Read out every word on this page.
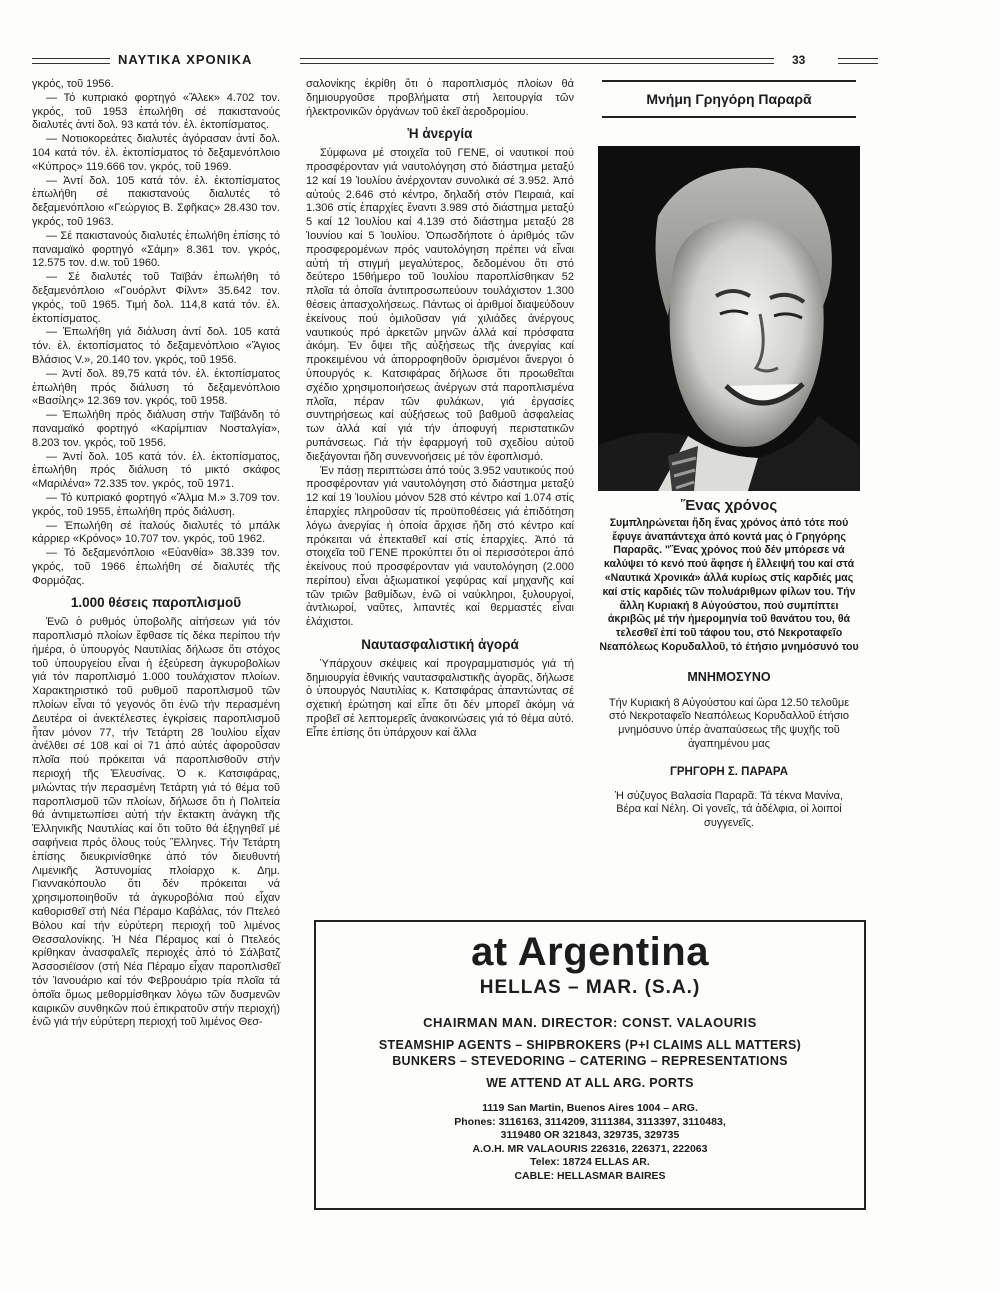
ΝΑΥΤΙΚΑ ΧΡΟΝΙΚΑ	33

γκρός, τοῦ 1956.

— Τό κυπριακό φορτηγό «Ἄλεκ» 4.702 τον. γκρός, τοῦ 1953 ἐπωλήθη σέ πακιστανούς διαλυτές ἀντί δολ. 93 κατά τόν. ἐλ. ἐκτοπίσματος.

— Νοτιοκορεάτες διαλυτές ἀγόρασαν ἀντί δολ. 104 κατά τόν. ἐλ. ἐκτοπίσματος τό δεξαμενόπλοιο «Κύπρος» 119.666 τον. γκρός, τοῦ 1969.

— Ἀντί δολ. 105 κατά τόν. ἐλ. ἐκτοπίσματος ἐπωλήθη σέ πακιστανούς διαλυτές τό δεξαμενόπλοιο «Γεώργιος Β. Σφῆκας» 28.430 τον. γκρός, τοῦ 1963.

— Σέ πακιστανούς διαλυτές ἐπωλήθη ἐπίσης τό παναμαϊκό φορτηγό «Σάμη» 8.361 τον. γκρός, 12.575 τον. d.w. τοῦ 1960.

— Σέ διαλυτές τοῦ Ταϊβάν ἐπωλήθη τό δεξαμενόπλοιο «Γουόρλντ Φίλντ» 35.642 τον. γκρός, τοῦ 1965. Τιμή δολ. 114,8 κατά τόν. ἐλ. ἐκτοπίσματος.

— Ἐπωλήθη γιά διάλυση ἀντί δολ. 105 κατά τόν. ἐλ. ἐκτοπίσματος τό δεξαμενόπλοιο «Ἅγιος Βλάσιος V.», 20.140 τον. γκρός, τοῦ 1956.

— Ἀντί δολ. 89,75 κατά τόν. ἐλ. ἐκτοπίσματος ἐπωλήθη πρός διάλυση τό δεξαμενόπλοιο «Βασίλης» 12.369 τον. γκρός, τοῦ 1958.

— Ἐπωλήθη πρός διάλυση στήν Ταϊβάνδη τό παναμαϊκό φορτηγό «Καρίμπιαν Νοσταλγία», 8.203 τον. γκρός, τοῦ 1956.

— Ἀντί δολ. 105 κατά τόν. ἐλ. ἐκτοπίσματος, ἐπωλήθη πρός διάλυση τό μικτό σκάφος «Μαριλένα» 72.335 τον. γκρός, τοῦ 1971.

— Τό κυπριακό φορτηγό «Ἄλμα Μ.» 3.709 τον. γκρός, τοῦ 1955, ἐπωλήθη πρός διάλυση.

— Ἐπωλήθη σέ ἰταλούς διαλυτές τό μπάλκ κάρριερ «Κρόνος» 10.707 τον. γκρός, τοῦ 1962.

— Τό δεξαμενόπλοιο «Εὐανθία» 38.339 τον. γκρός, τοῦ 1966 ἐπωλήθη σέ διαλυτές τῆς Φορμόζας.

1.000 θέσεις παροπλισμοῦ

Ἐνῶ ὁ ρυθμός ὑποβολῆς αἰτήσεων γιά τόν παροπλισμό πλοίων ἔφθασε τίς δέκα περίπου τήν ἡμέρα, ὁ ὑπουργός Ναυτιλίας δήλωσε ὅτι στόχος τοῦ ὑπουργείου εἶναι ἡ ἐξεύρεση ἀγκυροβολίων γιά τόν παροπλισμό 1.000 τουλάχιστον πλοίων. Χαρακτηριστικό τοῦ ρυθμοῦ παροπλισμοῦ τῶν πλοίων εἶναι τό γεγονός ὅτι ἐνῶ τήν περασμένη Δευτέρα οἱ ἀνεκτέλεστες ἐγκρίσεις παροπλισμοῦ ἦταν μόνον 77, τήν Τετάρτη 28 Ἰουλίου εἶχαν ἀνέλθει σέ 108 καί οἱ 71 ἀπό αὐτές ἀφοροῦσαν πλοῖα πού πρόκειται νά παροπλισθοῦν στήν περιοχή τῆς Ἐλευσίνας. Ὁ κ. Κατσιφάρας, μιλώντας τήν περασμένη Τετάρτη γιά τό θέμα τοῦ παροπλισμοῦ τῶν πλοίων, δήλωσε ὅτι ἡ Πολιτεία θά ἀντιμετωπίσει αὐτή τήν ἔκτακτη ἀνάγκη τῆς Ἑλληνικῆς Ναυτιλίας καί ὅτι τοῦτο θά ἐξηγηθεῖ μέ σαφήνεια πρός ὅλους τούς Ἕλληνες. Τήν Τετάρτη ἐπίσης διευκρινίσθηκε ἀπό τόν διευθυντή Λιμενικῆς Ἀστυνομίας πλοίαρχο κ. Δημ. Γιαννακόπουλο ὅτι δέν πρόκειται νά χρησιμοποιηθοῦν τά ἀγκυροβόλια πού εἶχαν καθορισθεῖ στή Νέα Πέραμο Καβάλας, τόν Πτελεό Βόλου καί τήν εὐρύτερη περιοχή τοῦ λιμένος Θεσσαλονίκης. Ἡ Νέα Πέραμος καί ὁ Πτελεός κρίθηκαν ἀνασφαλεῖς περιοχές ἀπό τό Σάλβατζ Ἀσσοσιέϊσον (στή Νέα Πέραμο εἶχαν παροπλισθεῖ τόν Ἰανουάριο καί τόν Φεβρουάριο τρία πλοῖα τά ὁποῖα ὅμως μεθορμίσθηκαν λόγω τῶν δυσμενῶν καιρικῶν συνθηκῶν πού ἐπικρατοῦν στήν περιοχή) ἐνῶ γιά τήν εὐρύτερη περιοχή τοῦ λιμένος Θεσ-

σαλονίκης ἐκρίθη ὅτι ὁ παροπλισμός πλοίων θά δημιουργοῦσε προβλήματα στή λειτουργία τῶν ἠλεκτρονικῶν ὀργάνων τοῦ ἐκεῖ ἀεροδρομίου.

Ἡ ἀνεργία

Σύμφωνα μέ στοιχεῖα τοῦ ΓΕΝΕ, οἱ ναυτικοί πού προσφέρονταν γιά ναυτολόγηση στό διάστημα μεταξύ 12 καί 19 Ἰουλίου ἀνέρχονταν συνολικά σέ 3.952. Ἀπό αὐτούς 2.646 στό κέντρο, δηλαδή στόν Πειραιά, καί 1.306 στίς ἐπαρχίες ἔναντι 3.989 στό διάστημα μεταξύ 5 καί 12 Ἰουλίου καί 4.139 στό διάστημα μεταξύ 28 Ἰουνίου καί 5 Ἰουλίου. Ὁπωσδήποτε ὁ ἀριθμός τῶν προσφερομένων πρός ναυτολόγηση πρέπει νά εἶναι αὐτή τή στιγμή μεγαλύτερος, δεδομένου ὅτι στό δεύτερο 15θήμερο τοῦ Ἰουλίου παροπλίσθηκαν 52 πλοῖα τά ὁποῖα ἀντιπροσωπεύουν τουλάχιστον 1.300 θέσεις ἀπασχολήσεως. Πάντως οἱ ἀριθμοί διαψεύδουν ἐκείνους πού ὁμιλοῦσαν γιά χιλιάδες ἀνέργους ναυτικούς πρό ἀρκετῶν μηνῶν ἀλλά καί πρόσφατα ἀκόμη. Ἐν ὄψει τῆς αὐξήσεως τῆς ἀνεργίας καί προκειμένου νά ἀπορροφηθοῦν ὁρισμένοι ἄνεργοι ὁ ὑπουργός κ. Κατσιφάρας δήλωσε ὅτι προωθεῖται σχέδιο χρησιμοποιήσεως ἀνέργων στά παροπλισμένα πλοῖα, πέραν τῶν φυλάκων, γιά ἐργασίες συντηρήσεως καί αὐξήσεως τοῦ βαθμοῦ ἀσφαλείας των ἀλλά καί γιά τήν ἀποφυγή περιστατικῶν ρυπάνσεως. Γιά τήν ἐφαρμογή τοῦ σχεδίου αὐτοῦ διεξάγονται ἤδη συνεννοήσεις μέ τόν ἐφοπλισμό.

Ἐν πάσῃ περιπτώσει ἀπό τούς 3.952 ναυτικούς πού προσφέρονταν γιά ναυτολόγηση στό διάστημα μεταξύ 12 καί 19 Ἰουλίου μόνον 528 στό κέντρο καί 1.074 στίς ἐπαρχίες πληροῦσαν τίς προϋποθέσεις γιά ἐπιδότηση λόγω ἀνεργίας ἡ ὁποία ἄρχισε ἤδη στό κέντρο καί πρόκειται νά ἐπεκταθεῖ καί στίς ἐπαρχίες. Ἀπό τά στοιχεῖα τοῦ ΓΕΝΕ προκύπτει ὅτι οἱ περισσότεροι ἀπό ἐκείνους πού προσφέρονταν γιά ναυτολόγηση (2.000 περίπου) εἶναι ἀξιωματικοί γεφύρας καί μηχανῆς καί τῶν τριῶν βαθμίδων, ἐνῶ οἱ ναύκληροι, ξυλουργοί, ἀντλιωροί, ναῦτες, λιπαντές καί θερμαστές εἶναι ἐλάχιστοι.

Ναυτασφαλιστική ἀγορά

Ὑπάρχουν σκέψεις καί προγραμματισμός γιά τή δημιουργία ἐθνικής ναυτασφαλιστικῆς ἀγορᾶς, δήλωσε ὁ ὑπουργός Ναυτιλίας κ. Κατσιφάρας ἀπαντώντας σέ σχετική ἐρώτηση καί εἶπε ὅτι δέν μπορεῖ ἀκόμη νά προβεῖ σέ λεπτομερεῖς ἀνακοινώσεις γιά τό θέμα αὐτό. Εἶπε ἐπίσης ὅτι ὑπάρχουν καί ἄλλα

Μνήμη Γρηγόρη Παραρᾶ
Ἕνας χρόνος
Συμπληρώνεται ἤδη ἕνας χρόνος ἀπό τότε πού ἔφυγε ἀναπάντεχα ἀπό κοντά μας ὁ Γρηγόρης Παραρᾶς. "Ἕνας χρόνος πού δέν μπόρεσε νά καλύψει τό κενό πού ἄφησε ἡ ἔλλειψή του καί στά «Ναυτικά Χρονικά» ἀλλά κυρίως στίς καρδιές μας καί στίς καρδιές τῶν πολυάριθμων φίλων του. Τήν ἄλλη Κυριακή 8 Αὐγούστου, πού συμπίπτει ἀκριβῶς μέ τήν ἡμερομηνία τοῦ θανάτου του, θά τελεσθεῖ ἐπί τοῦ τάφου του, στό Νεκροταφεῖο Νεαπόλεως Κορυδαλλοῦ, τό ἐτήσιο μνημόσυνό του
ΜΝΗΜΟΣΥΝΟ
Τήν Κυριακή 8 Αὐγούστου καί ὥρα 12.50 τελοῦμε στό Νεκροταφεῖο Νεαπόλεως Κορυδαλλοῦ ἐτήσιο μνημόσυνο ὑπέρ ἀναπαύσεως τῆς ψυχῆς τοῦ ἀγαπημένου μας
ΓΡΗΓΟΡΗ Σ. ΠΑΡΑΡΑ
Ἡ σύζυγος Βαλασία Παραρᾶ. Τά τέκνα Μανίνα, Βέρα καί Νέλη. Οἱ γονεῖς, τά ἀδέλφια, οἱ λοιποί συγγενεῖς.
at Argentina
HELLAS – MAR. (S.A.)
CHAIRMAN MAN. DIRECTOR: CONST. VALAOURIS
STEAMSHIP AGENTS – SHIPBROKERS (P+I CLAIMS ALL MATTERS)
BUNKERS – STEVEDORING – CATERING – REPRESENTATIONS
WE ATTEND AT ALL ARG. PORTS
1119 San Martin, Buenos Aires 1004 – ARG.
Phones: 3116163, 3114209, 3111384, 3113397, 3110483,
3119480 OR 321843, 329735, 329735
A.O.H. MR VALAOURIS 226316, 226371, 222063
Telex: 18724 ELLAS AR.
CABLE: HELLASMAR BAIRES
